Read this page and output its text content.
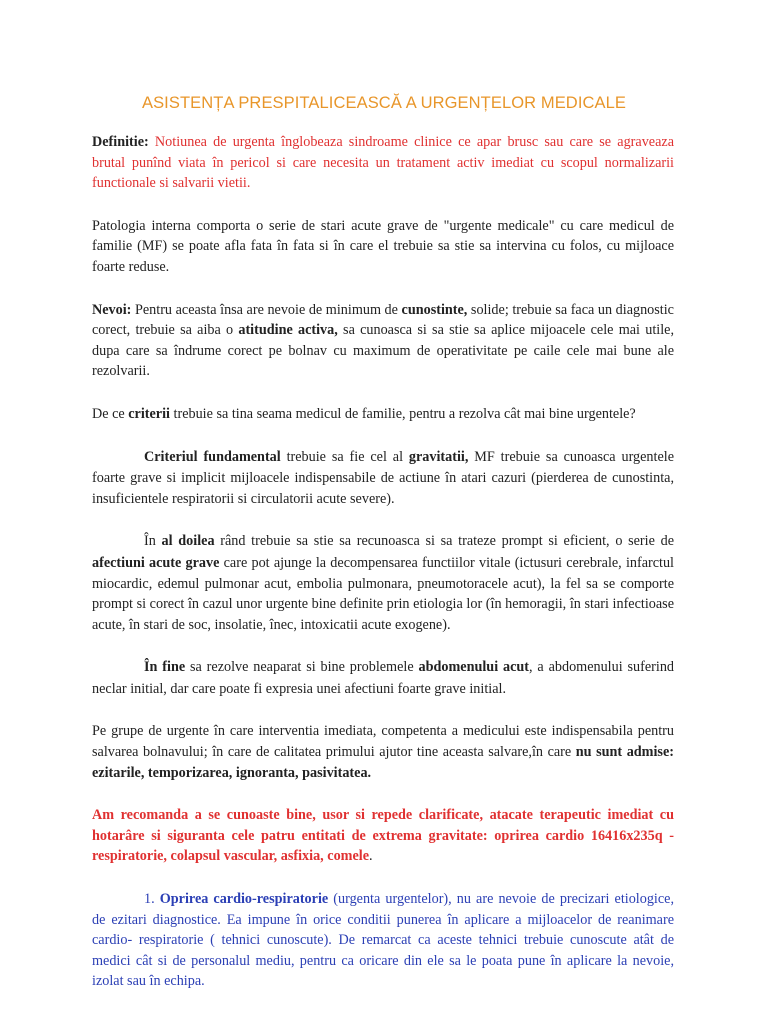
ASISTENȚA PRESPITALICEASCĂ A URGENȚELOR MEDICALE

Definitie: Notiunea de urgenta înglobeaza sindroame clinice ce apar brusc sau care se agraveaza brutal punînd viata în pericol si care necesita un tratament activ imediat cu scopul normalizarii functionale si salvarii vietii.

Patologia interna comporta o serie de stari acute grave de "urgente medicale" cu care medicul de familie (MF) se poate afla fata în fata si în care el trebuie sa stie sa intervina cu folos, cu mijloace foarte reduse.

Nevoi: Pentru aceasta însa are nevoie de minimum de cunostinte, solide; trebuie sa faca un diagnostic corect, trebuie sa aiba o atitudine activa, sa cunoasca si sa stie sa aplice mijoacele cele mai utile, dupa care sa îndrume corect pe bolnav cu maximum de operativitate pe caile cele mai bune ale rezolvarii.

De ce criterii trebuie sa tina seama medicul de familie, pentru a rezolva cât mai bine urgentele?

Criteriul fundamental trebuie sa fie cel al gravitatii, MF trebuie sa cunoasca urgentele foarte grave si implicit mijloacele indispensabile de actiune în atari cazuri (pierderea de cunostinta, insuficientele respiratorii si circulatorii acute severe).

În al doilea rând trebuie sa stie sa recunoasca si sa trateze prompt si eficient, o serie de afectiuni acute grave care pot ajunge la decompensarea functiilor vitale (ictusuri cerebrale, infarctul miocardic, edemul pulmonar acut, embolia pulmonara, pneumotoracele acut), la fel sa se comporte prompt si corect în cazul unor urgente bine definite prin etiologia lor (în hemoragii, în stari infectioase acute, în stari de soc, insolatie, înec, intoxicatii acute exogene).

În fine sa rezolve neaparat si bine problemele abdomenului acut, a abdomenului suferind neclar initial, dar care poate fi expresia unei afectiuni foarte grave initial.

Pe grupe de urgente în care interventia imediata, competenta a medicului este indispensabila pentru salvarea bolnavului; în care de calitatea primului ajutor tine aceasta salvare,în care nu sunt admise: ezitarile, temporizarea, ignoranta, pasivitatea.

Am recomanda a se cunoaste bine, usor si repede clarificate, atacate terapeutic imediat cu hotarâre si siguranta cele patru entitati de extrema gravitate: oprirea cardio 16416x235q -respiratorie, colapsul vascular, asfixia, comele.

1. Oprirea cardio-respiratorie (urgenta urgentelor), nu are nevoie de precizari etiologice, de ezitari diagnostice. Ea impune în orice conditii punerea în aplicare a mijloacelor de reanimare cardio- respiratorie ( tehnici cunoscute). De remarcat ca aceste tehnici trebuie cunoscute atât de medici cât si de personalul mediu, pentru ca oricare din ele sa le poata pune în aplicare la nevoie, izolat sau în echipa.
